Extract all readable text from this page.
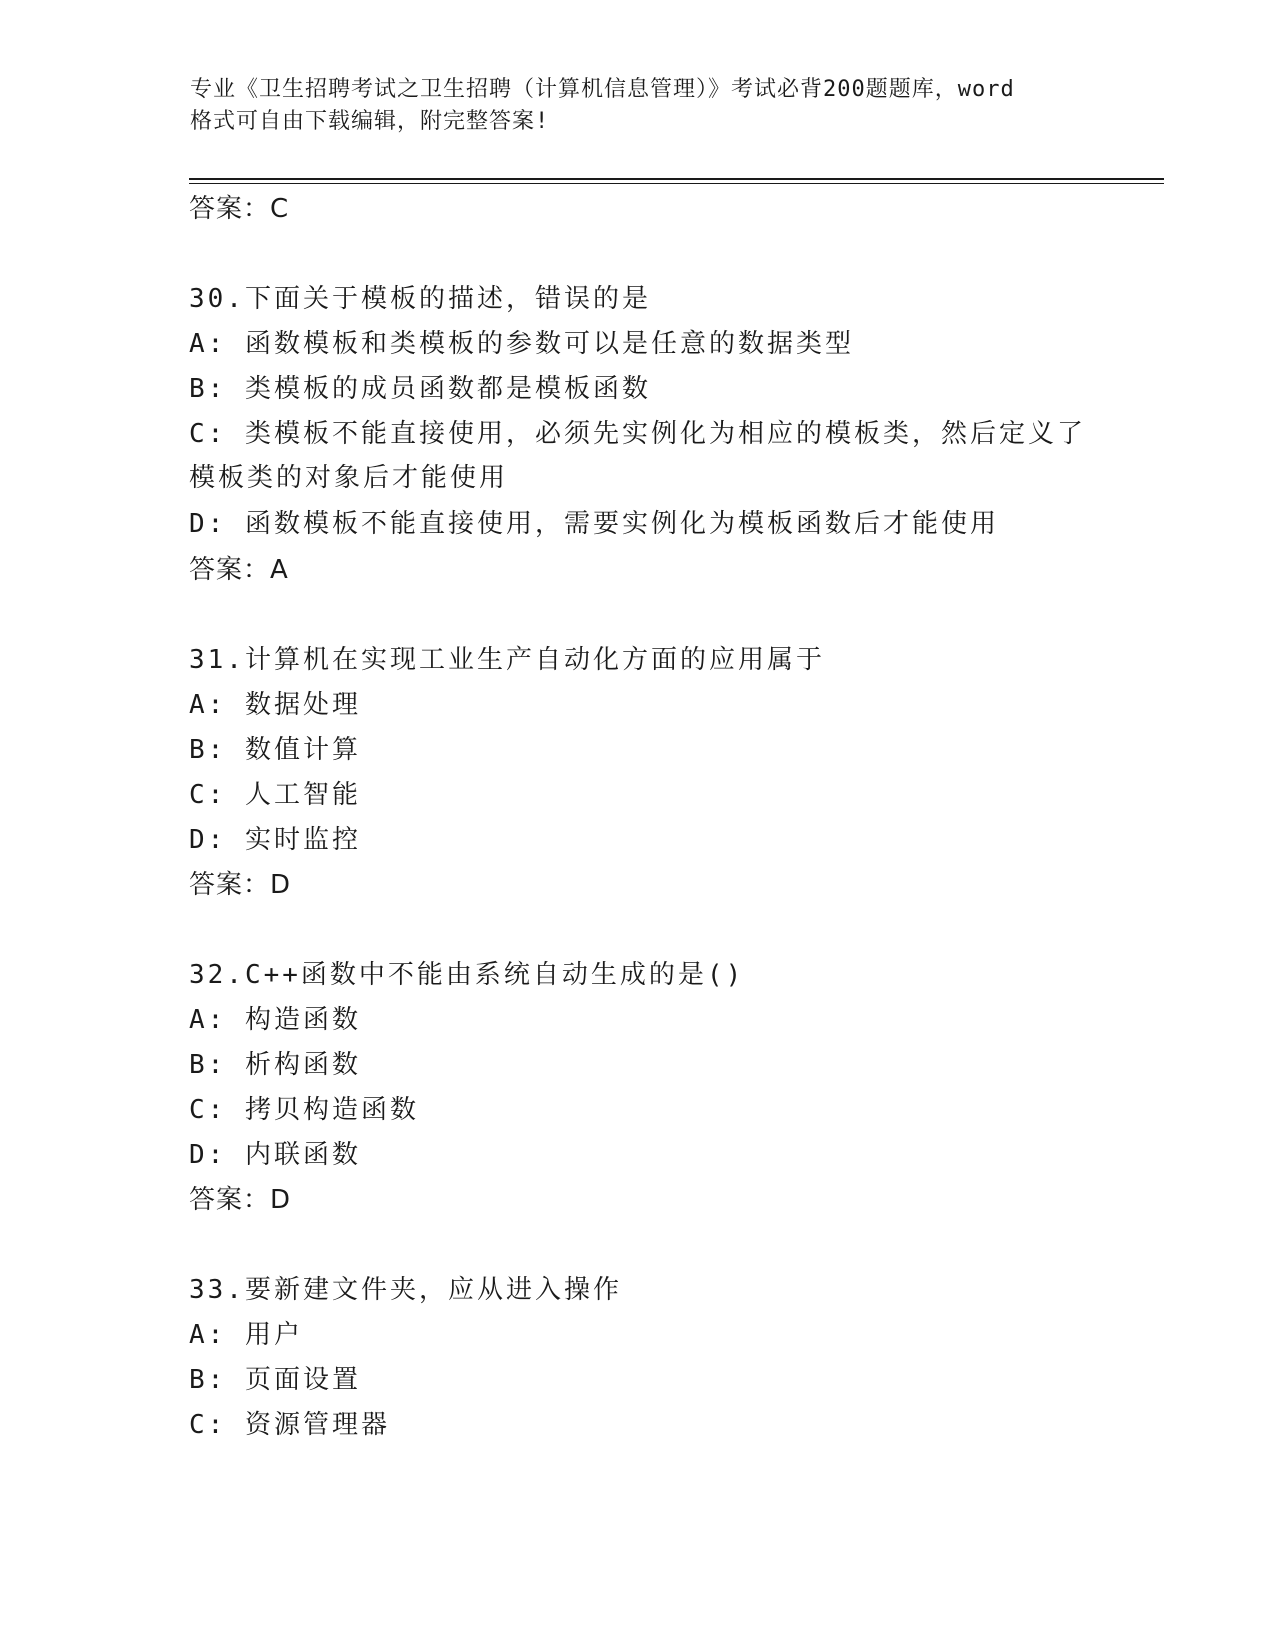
专业《卫生招聘考试之卫生招聘（计算机信息管理）》考试必背200题题库，word
格式可自由下载编辑，附完整答案!
答案：C
30.下面关于模板的描述，错误的是
A: 函数模板和类模板的参数可以是任意的数据类型
B: 类模板的成员函数都是模板函数
C: 类模板不能直接使用，必须先实例化为相应的模板类，然后定义了
模板类的对象后才能使用
D: 函数模板不能直接使用，需要实例化为模板函数后才能使用
答案：A
31.计算机在实现工业生产自动化方面的应用属于
A: 数据处理
B: 数值计算
C: 人工智能
D: 实时监控
答案：D
32.C++函数中不能由系统自动生成的是()
A: 构造函数
B: 析构函数
C: 拷贝构造函数
D: 内联函数
答案：D
33.要新建文件夹，应从进入操作
A: 用户
B: 页面设置
C: 资源管理器
